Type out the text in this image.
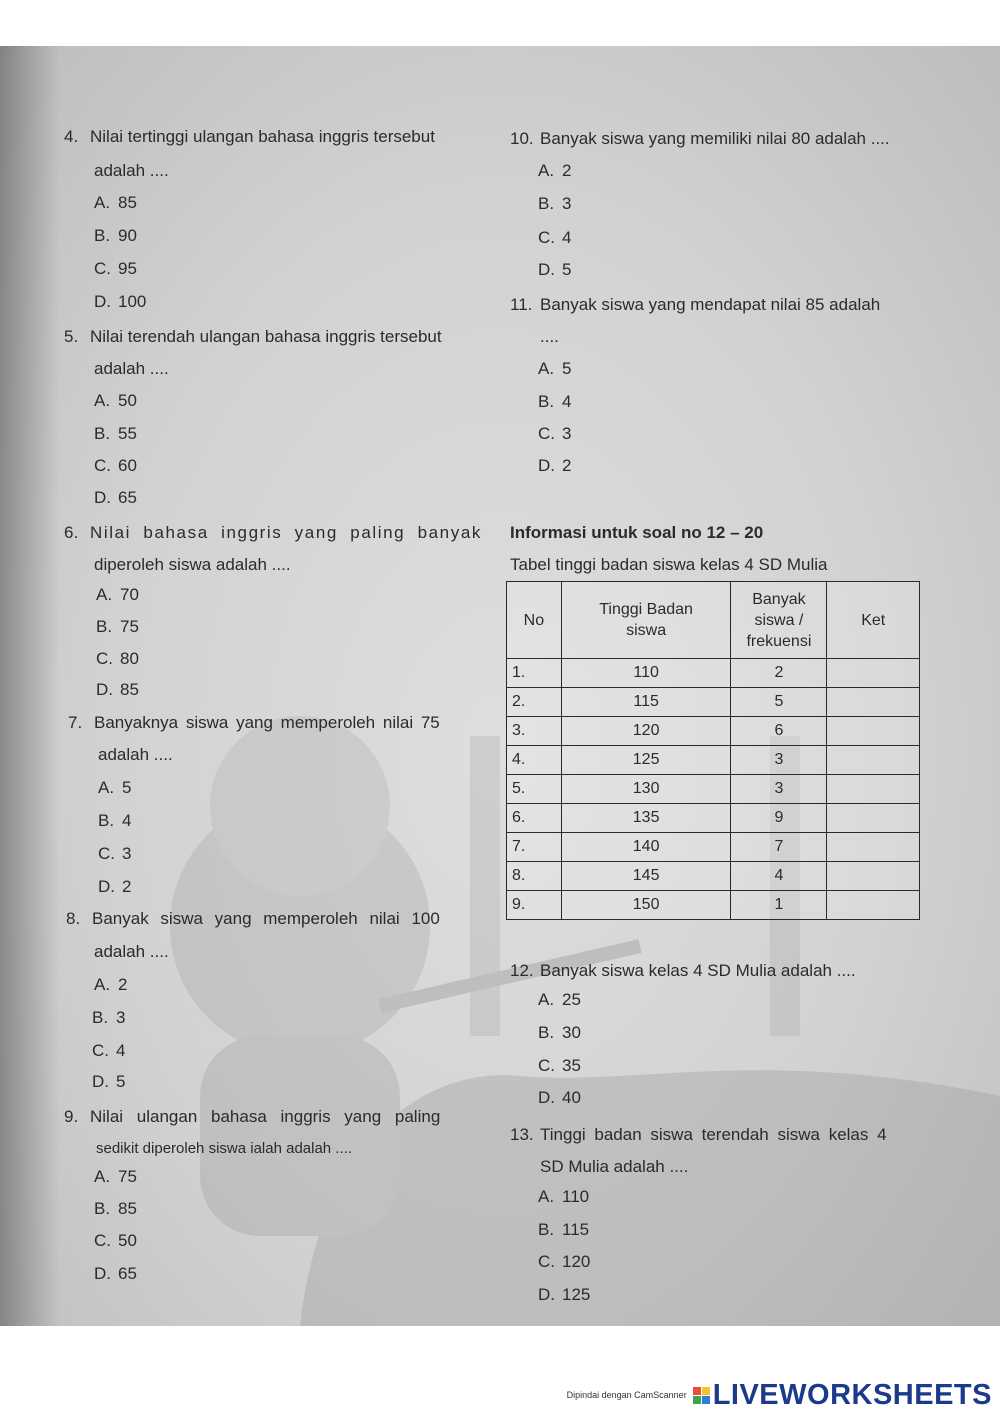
4. Nilai tertinggi ulangan bahasa inggris tersebut
adalah ....
A. 85
B. 90
C. 95
D. 100
5. Nilai terendah ulangan bahasa inggris tersebut
adalah ....
A. 50
B. 55
C. 60
D. 65
6. Nilai bahasa inggris yang paling banyak
diperoleh siswa adalah ....
A. 70
B. 75
C. 80
D. 85
7. Banyaknya siswa yang memperoleh nilai 75
adalah ....
A. 5
B. 4
C. 3
D. 2
8. Banyak siswa yang memperoleh nilai 100
adalah ....
A. 2
B. 3
C. 4
D. 5
9. Nilai ulangan bahasa inggris yang paling
sedikit diperoleh siswa ialah adalah ....
A. 75
B. 85
C. 50
D. 65
10. Banyak siswa yang memiliki nilai 80 adalah ....
A. 2
B. 3
C. 4
D. 5
11. Banyak siswa yang mendapat nilai 85 adalah
....
A. 5
B. 4
C. 3
D. 2
Informasi untuk soal no 12 – 20
Tabel tinggi badan siswa kelas 4 SD Mulia
No	Tinggi Badan siswa	Banyak siswa / frekuensi	Ket
1.	110	2	
2.	115	5	
3.	120	6	
4.	125	3	
5.	130	3	
6.	135	9	
7.	140	7	
8.	145	4	
9.	150	1	
12. Banyak siswa kelas 4 SD Mulia adalah ....
A. 25
B. 30
C. 35
D. 40
13. Tinggi badan siswa terendah siswa kelas 4
SD Mulia adalah ....
A. 110
B. 115
C. 120
D. 125
Dipindai dengan CamScanner LIVEWORKSHEETS
